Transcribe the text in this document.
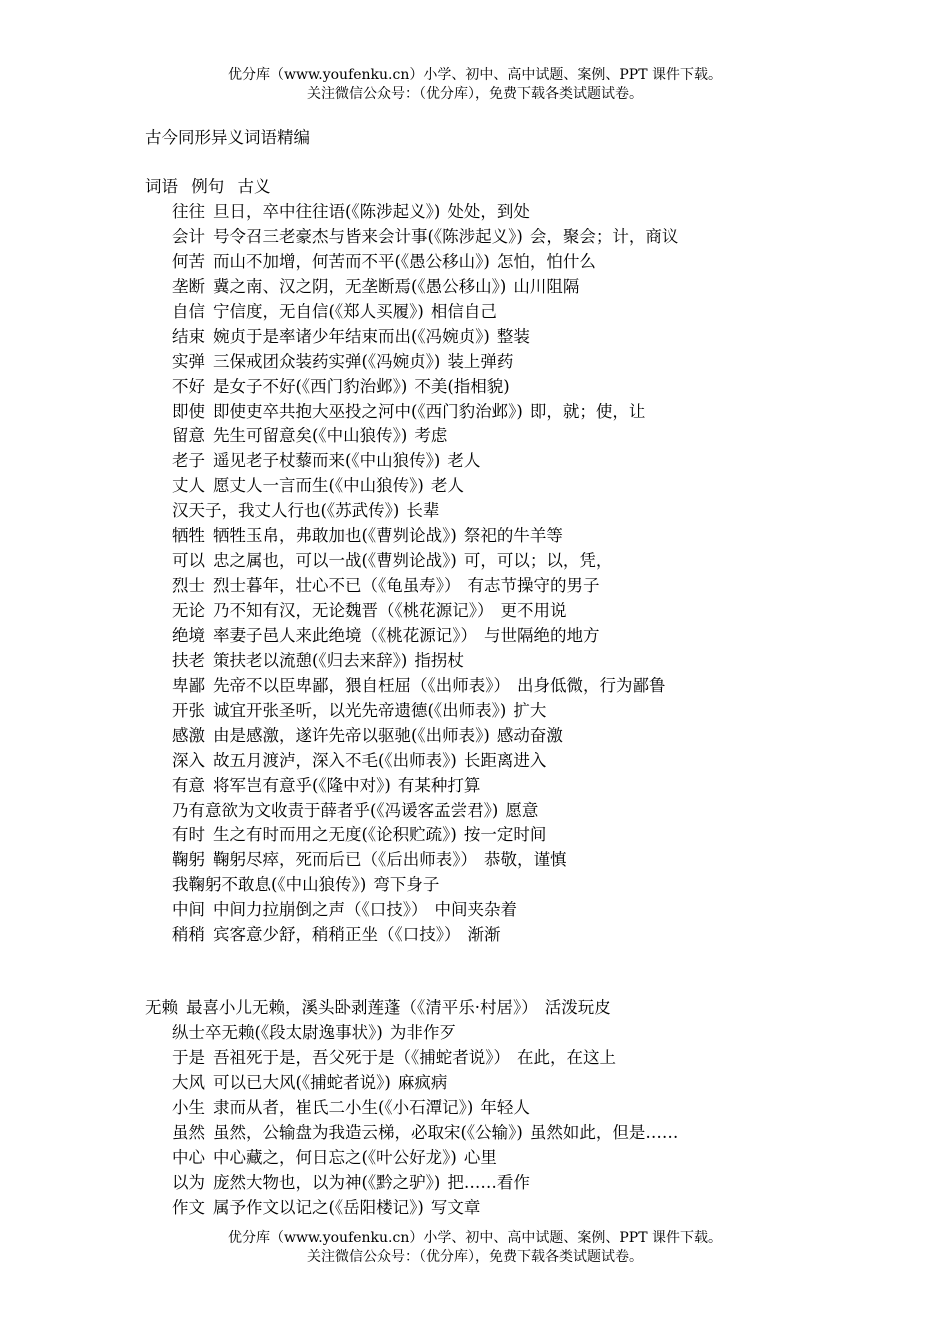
优分库（www.youfenku.cn）小学、初中、高中试题、案例、PPT 课件下载。
关注微信公众号：（优分库），免费下载各类试题试卷。
古今同形异义词语精编
词语 例句 古义
往往 旦日，卒中往往语(《陈涉起义》) 处处，到处
会计 号令召三老豪杰与皆来会计事(《陈涉起义》) 会，聚会；计，商议
何苦 而山不加增，何苦而不平(《愚公移山》) 怎怕，怕什么
垄断 冀之南、汉之阴，无垄断焉(《愚公移山》) 山川阻隔
自信 宁信度，无自信(《郑人买履》) 相信自己
结束 婉贞于是率诸少年结束而出(《冯婉贞》) 整装
实弹 三保戒团众装药实弹(《冯婉贞》) 装上弹药
不好 是女子不好(《西门豹治邺》) 不美(指相貌)
即使 即使吏卒共抱大巫投之河中(《西门豹治邺》) 即，就；使，让
留意 先生可留意矣(《中山狼传》) 考虑
老子 遥见老子杖藜而来(《中山狼传》) 老人
丈人 愿丈人一言而生(《中山狼传》) 老人
汉天子，我丈人行也(《苏武传》) 长辈
牺牲 牺牲玉帛，弗敢加也(《曹刿论战》) 祭祀的牛羊等
可以 忠之属也，可以一战(《曹刿论战》) 可，可以；以，凭，
烈士 烈士暮年，壮心不已（《龟虽寿》） 有志节操守的男子
无论 乃不知有汉，无论魏晋（《桃花源记》） 更不用说
绝境 率妻子邑人来此绝境（《桃花源记》） 与世隔绝的地方
扶老 策扶老以流憩(《归去来辞》) 指拐杖
卑鄙 先帝不以臣卑鄙，猥自枉屈（《出师表》） 出身低微，行为鄙鲁
开张 诚宜开张圣听，以光先帝遗德(《出师表》) 扩大
感激 由是感激，遂许先帝以驱驰(《出师表》) 感动奋激
深入 故五月渡泸，深入不毛(《出师表》) 长距离进入
有意 将军岂有意乎(《隆中对》) 有某种打算
乃有意欲为文收责于薛者乎(《冯谖客孟尝君》) 愿意
有时 生之有时而用之无度(《论积贮疏》) 按一定时间
鞠躬 鞠躬尽瘁，死而后已（《后出师表》） 恭敬，谨慎
我鞠躬不敢息(《中山狼传》) 弯下身子
中间 中间力拉崩倒之声（《口技》） 中间夹杂着
稍稍 宾客意少舒，稍稍正坐（《口技》） 渐渐
无赖 最喜小儿无赖，溪头卧剥莲蓬（《清平乐·村居》） 活泼玩皮
纵士卒无赖(《段太尉逸事状》) 为非作歹
于是 吾祖死于是，吾父死于是（《捕蛇者说》） 在此，在这上
大风 可以已大风(《捕蛇者说》) 麻疯病
小生 隶而从者，崔氏二小生(《小石潭记》) 年轻人
虽然 虽然，公输盘为我造云梯，必取宋(《公输》) 虽然如此，但是……
中心 中心藏之，何日忘之(《叶公好龙》) 心里
以为 庞然大物也，以为神(《黔之驴》) 把……看作
作文 属予作文以记之(《岳阳楼记》) 写文章
优分库（www.youfenku.cn）小学、初中、高中试题、案例、PPT 课件下载。
关注微信公众号：（优分库），免费下载各类试题试卷。
